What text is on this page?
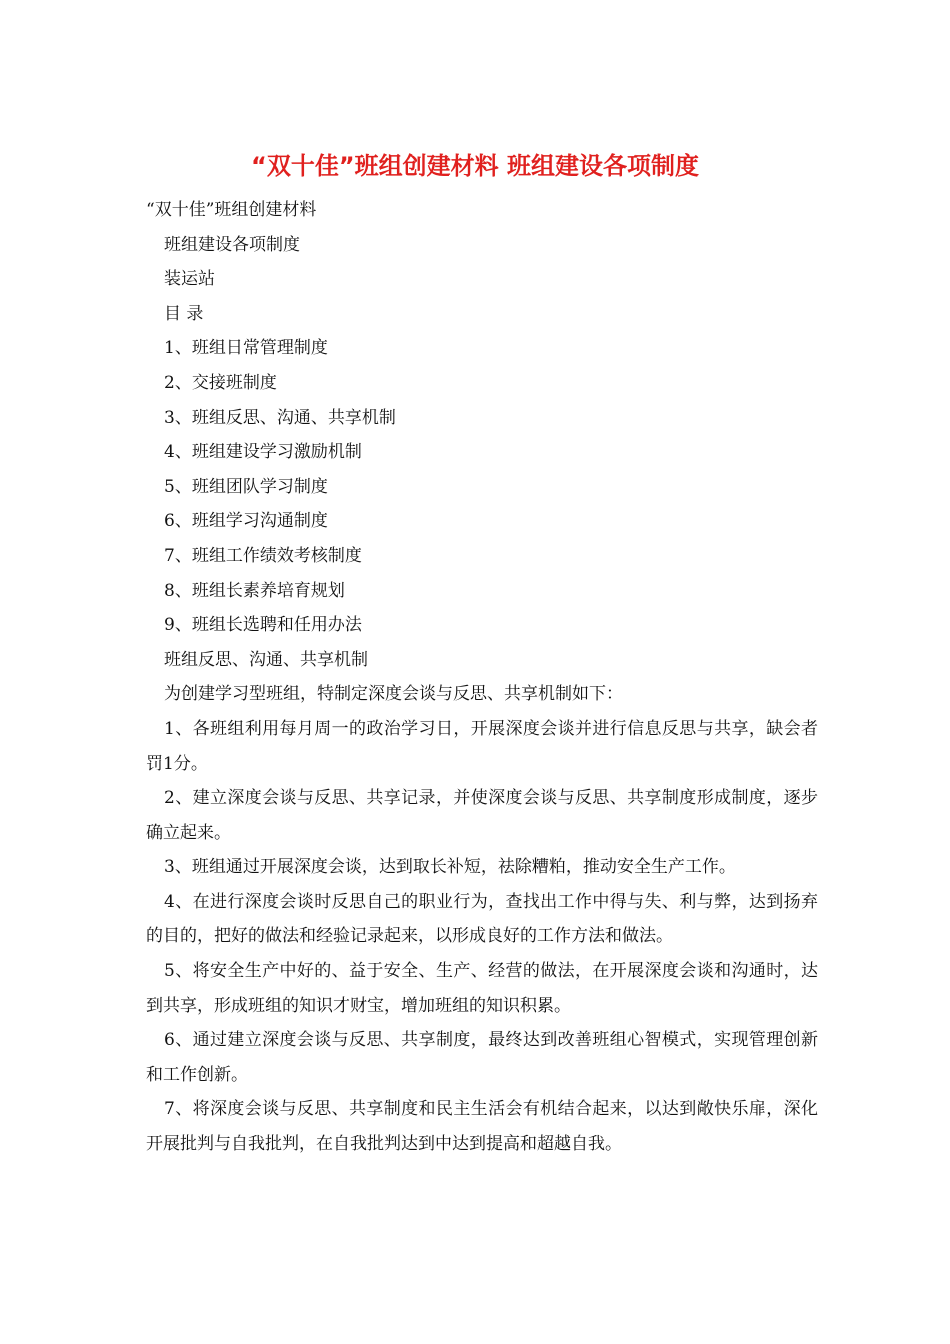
“双十佳”班组创建材料 班组建设各项制度

“双十佳”班组创建材料

班组建设各项制度

装运站

目 录

1、班组日常管理制度

2、交接班制度

3、班组反思、沟通、共享机制

4、班组建设学习激励机制

5、班组团队学习制度

6、班组学习沟通制度

7、班组工作绩效考核制度

8、班组长素养培育规划

9、班组长选聘和任用办法

班组反思、沟通、共享机制

为创建学习型班组，特制定深度会谈与反思、共享机制如下：

1、各班组利用每月周一的政治学习日，开展深度会谈并进行信息反思与共享，缺会者罚1分。

2、建立深度会谈与反思、共享记录，并使深度会谈与反思、共享制度形成制度，逐步确立起来。

3、班组通过开展深度会谈，达到取长补短，祛除糟粕，推动安全生产工作。

4、在进行深度会谈时反思自己的职业行为，查找出工作中得与失、利与弊，达到扬弃的目的，把好的做法和经验记录起来，以形成良好的工作方法和做法。

5、将安全生产中好的、益于安全、生产、经营的做法，在开展深度会谈和沟通时，达到共享，形成班组的知识才财宝，增加班组的知识积累。

6、通过建立深度会谈与反思、共享制度，最终达到改善班组心智模式，实现管理创新和工作创新。

7、将深度会谈与反思、共享制度和民主生活会有机结合起来，以达到敞快乐扉，深化开展批判与自我批判，在自我批判达到中达到提高和超越自我。
